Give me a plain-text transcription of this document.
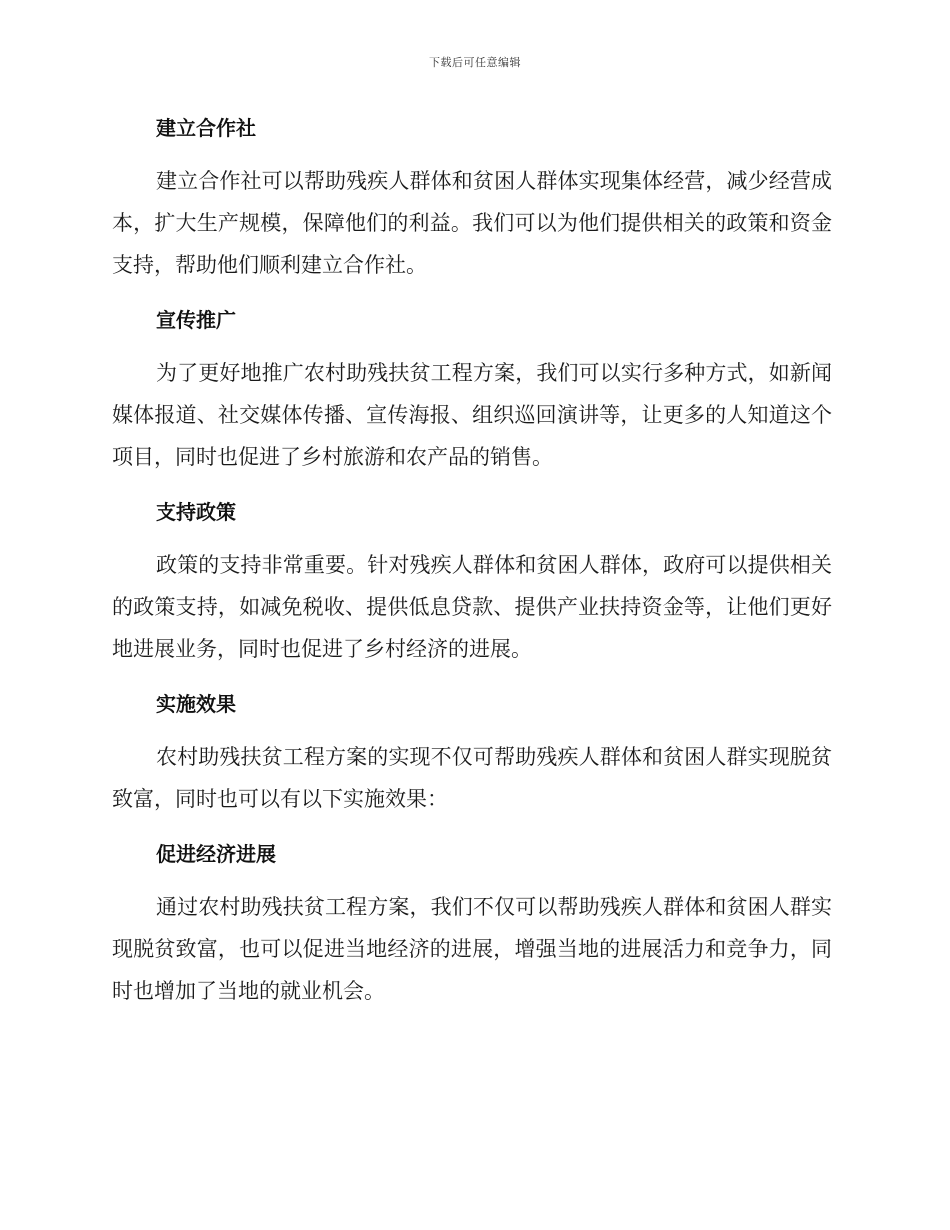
下载后可任意编辑
建立合作社

建立合作社可以帮助残疾人群体和贫困人群体实现集体经营，减少经营成本，扩大生产规模，保障他们的利益。我们可以为他们提供相关的政策和资金支持，帮助他们顺利建立合作社。

宣传推广

为了更好地推广农村助残扶贫工程方案，我们可以实行多种方式，如新闻媒体报道、社交媒体传播、宣传海报、组织巡回演讲等，让更多的人知道这个项目，同时也促进了乡村旅游和农产品的销售。

支持政策

政策的支持非常重要。针对残疾人群体和贫困人群体，政府可以提供相关的政策支持，如减免税收、提供低息贷款、提供产业扶持资金等，让他们更好地进展业务，同时也促进了乡村经济的进展。

实施效果

农村助残扶贫工程方案的实现不仅可帮助残疾人群体和贫困人群实现脱贫致富，同时也可以有以下实施效果：

促进经济进展

通过农村助残扶贫工程方案，我们不仅可以帮助残疾人群体和贫困人群实现脱贫致富，也可以促进当地经济的进展，增强当地的进展活力和竞争力，同时也增加了当地的就业机会。
